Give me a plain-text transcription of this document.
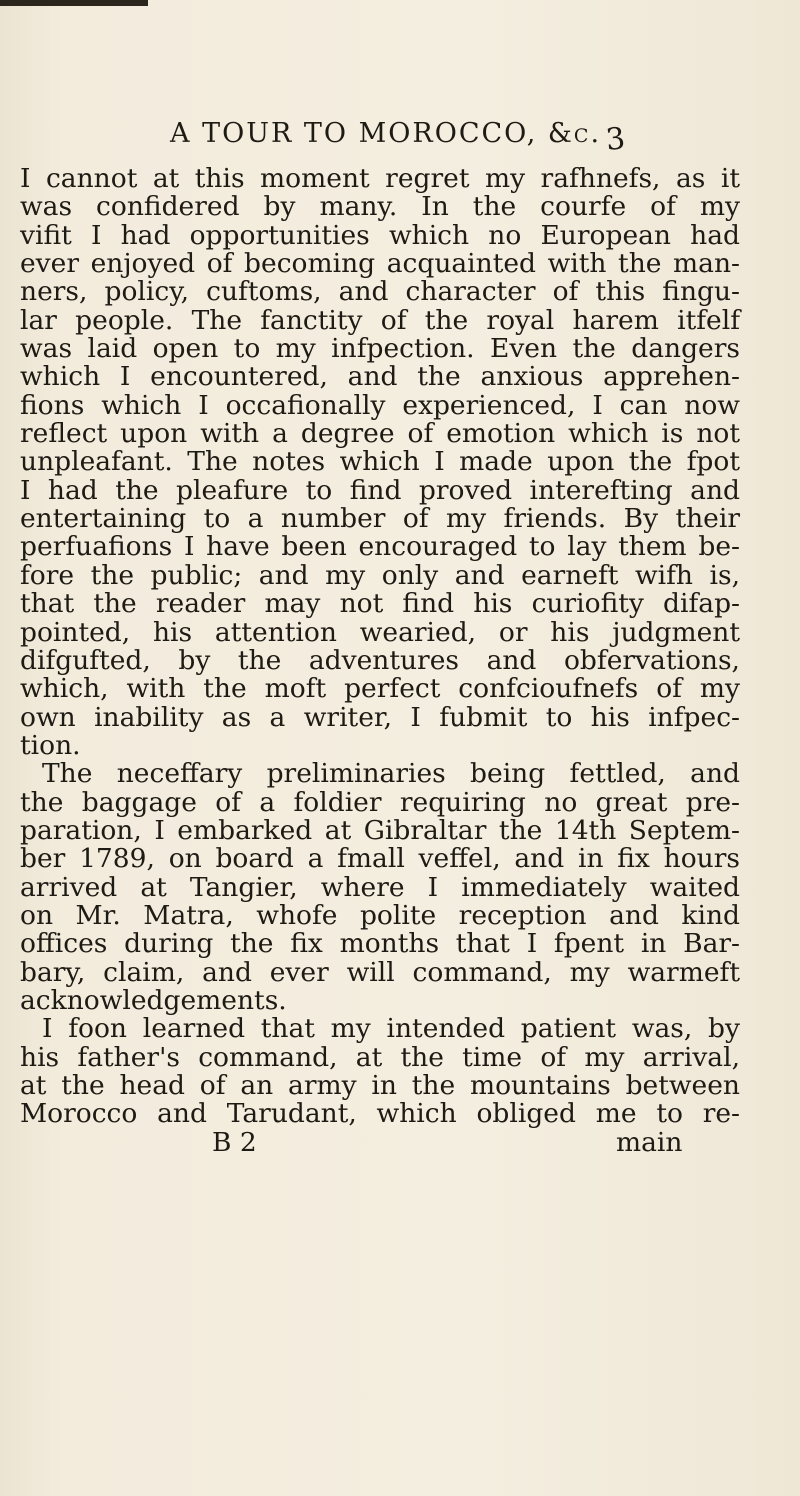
A TOUR TO MOROCCO, &c. 3
I cannot at this moment regret my rafhnefs, as it
was confidered by many. In the courfe of my
vifit I had opportunities which no European had
ever enjoyed of becoming acquainted with the man-
ners, policy, cuftoms, and character of this fingu-
lar people. The fanctity of the royal harem itfelf
was laid open to my infpection. Even the dangers
which I encountered, and the anxious apprehen-
fions which I occafionally experienced, I can now
reflect upon with a degree of emotion which is not
unpleafant. The notes which I made upon the fpot
I had the pleafure to find proved interefting and
entertaining to a number of my friends. By their
perfuafions I have been encouraged to lay them be-
fore the public; and my only and earneft wifh is,
that the reader may not find his curiofity difap-
pointed, his attention wearied, or his judgment
difgufted, by the adventures and obfervations,
which, with the moft perfect confcioufnefs of my
own inability as a writer, I fubmit to his infpec-
tion.
The neceffary preliminaries being fettled, and
the baggage of a foldier requiring no great pre-
paration, I embarked at Gibraltar the 14th Septem-
ber 1789, on board a fmall veffel, and in fix hours
arrived at Tangier, where I immediately waited
on Mr. Matra, whofe polite reception and kind
offices during the fix months that I fpent in Bar-
bary, claim, and ever will command, my warmeft
acknowledgements.
I foon learned that my intended patient was, by
his father's command, at the time of my arrival,
at the head of an army in the mountains between
Morocco and Tarudant, which obliged me to re-
B 2	main
